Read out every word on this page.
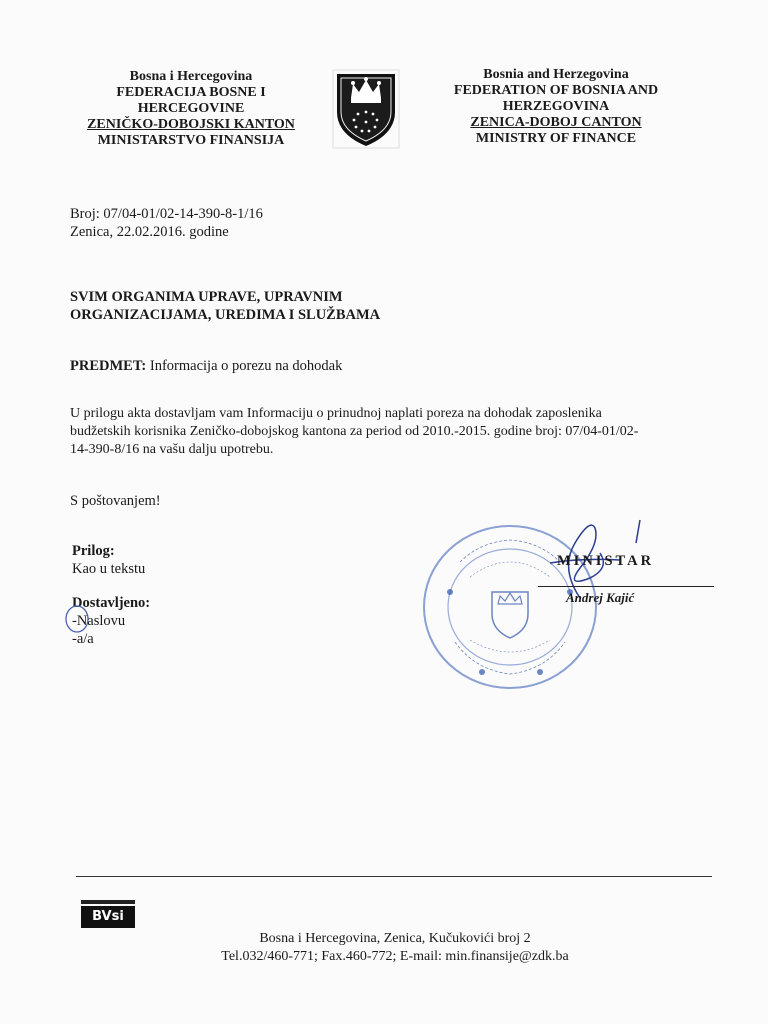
Bosna i Hercegovina
FEDERACIJA BOSNE I
HERCEGOVINE
ZENIČKO-DOBOJSKI KANTON
MINISTARSTVO FINANSIJA
Bosnia and Herzegovina
FEDERATION OF BOSNIA AND
HERZEGOVINA
ZENICA-DOBOJ CANTON
MINISTRY OF FINANCE
Broj: 07/04-01/02-14-390-8-1/16
Zenica, 22.02.2016. godine
SVIM ORGANIMA UPRAVE, UPRAVNIM
ORGANIZACIJAMA, UREDIMA I SLUŽBAMA
PREDMET: Informacija o porezu na dohodak
U prilogu akta dostavljam vam Informaciju o prinudnoj naplati poreza na dohodak zaposlenika
budžetskih korisnika Zeničko-dobojskog kantona za period od 2010.-2015. godine broj: 07/04-01/02-
14-390-8/16 na vašu dalju upotrebu.
S poštovanjem!
Prilog:
Kao u tekstu
Dostavljeno:
-Naslovu
-a/a
MINISTAR
Andrej Kajić
BVsi
Bosna i Hercegovina, Zenica, Kučukovići broj 2
Tel.032/460-771; Fax.460-772; E-mail: min.finansije@zdk.ba
